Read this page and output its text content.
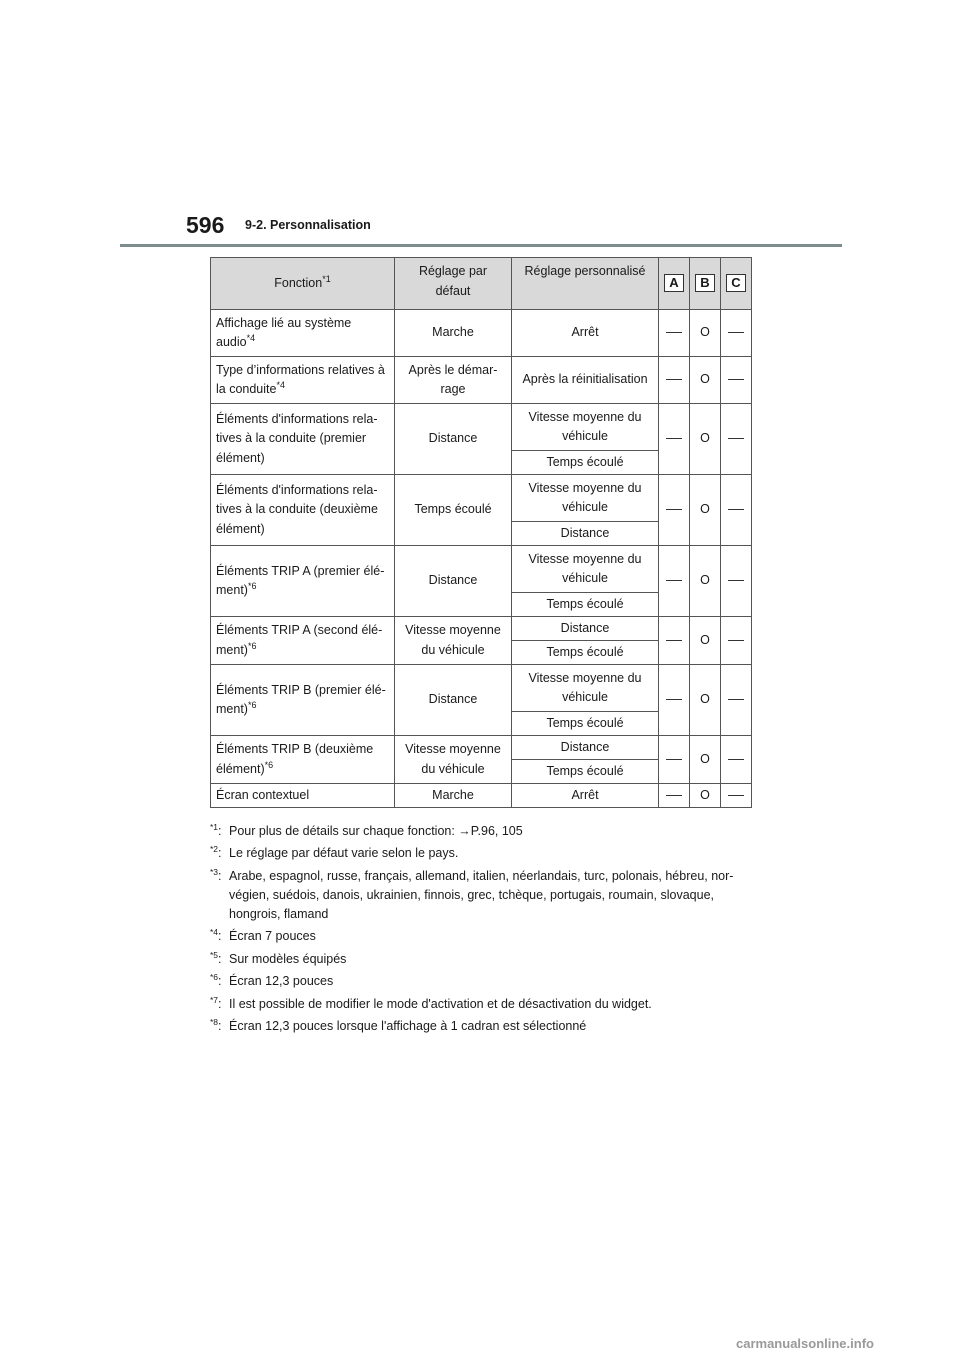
596 9-2. Personnalisation
Fonction$^{*1}$	Réglage par défaut	Réglage personnalisé	A	B	C
Affichage lié au système audio$^{*4}$	Marche	Arrêt		O	
Type d’informations relatives à la conduite$^{*4}$	Après le démar-rage	Après la réinitialisation		O	
Éléments d'informations rela-tives à la conduite (premier élément)	Distance	Vitesse moyenne du véhicule		O	
		Temps écoulé			
Éléments d'informations rela-tives à la conduite (deuxième élément)	Temps écoulé	Vitesse moyenne du véhicule		O	
		Distance			
Éléments TRIP A (premier élé-ment)$^{*6}$	Distance	Vitesse moyenne du véhicule		O	
		Temps écoulé			
Éléments TRIP A (second élé-ment)$^{*6}$	Vitesse moyenne du véhicule	Distance		O	
		Temps écoulé			
Éléments TRIP B (premier élé-ment)$^{*6}$	Distance	Vitesse moyenne du véhicule		O	
		Temps écoulé			
Éléments TRIP B (deuxième élément)$^{*6}$	Vitesse moyenne du véhicule	Distance		O	
		Temps écoulé			
Écran contextuel	Marche	Arrêt		O	
$^{*1}$: Pour plus de détails sur chaque fonction: →P.96, 105
$^{*2}$: Le réglage par défaut varie selon le pays.
$^{*3}$: Arabe, espagnol, russe, français, allemand, italien, néerlandais, turc, polonais, hébreu, nor-végien, suédois, danois, ukrainien, finnois, grec, tchèque, portugais, roumain, slovaque, hongrois, flamand
$^{*4}$: Écran 7 pouces
$^{*5}$: Sur modèles équipés
$^{*6}$: Écran 12,3 pouces
$^{*7}$: Il est possible de modifier le mode d'activation et de désactivation du widget.
$^{*8}$: Écran 12,3 pouces lorsque l'affichage à 1 cadran est sélectionné
carmanualsonline.info
